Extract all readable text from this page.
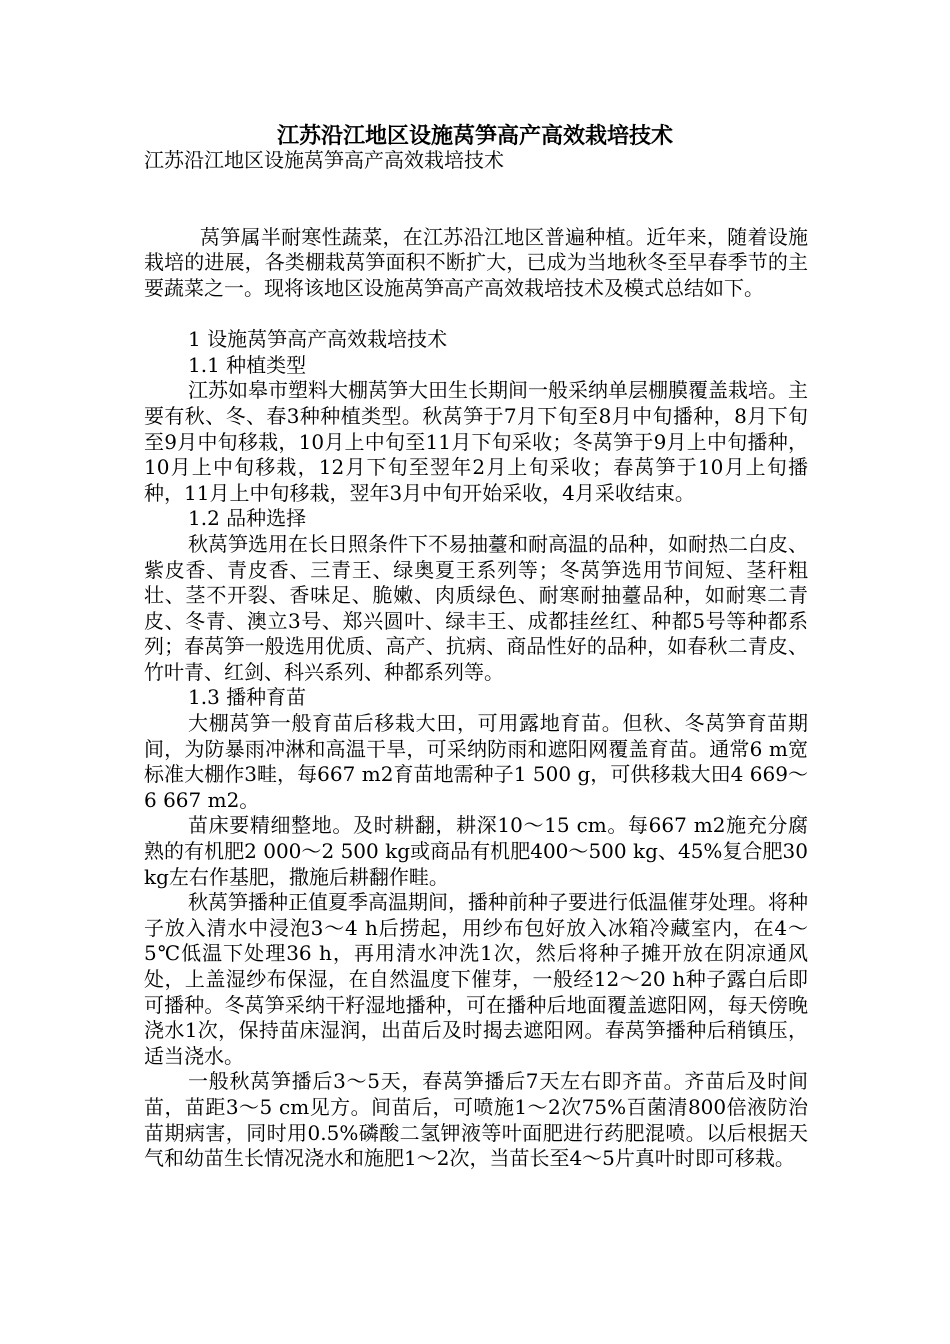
江苏沿江地区设施莴笋高产高效栽培技术

江苏沿江地区设施莴笋高产高效栽培技术

莴笋属半耐寒性蔬菜，在江苏沿江地区普遍种植。近年来，随着设施栽培的进展，各类棚栽莴笋面积不断扩大，已成为当地秋冬至早春季节的主要蔬菜之一。现将该地区设施莴笋高产高效栽培技术及模式总结如下。

1 设施莴笋高产高效栽培技术

1.1 种植类型

江苏如皋市塑料大棚莴笋大田生长期间一般采纳单层棚膜覆盖栽培。主要有秋、冬、春3种种植类型。秋莴笋于7月下旬至8月中旬播种，8月下旬至9月中旬移栽，10月上中旬至11月下旬采收；冬莴笋于9月上中旬播种，10月上中旬移栽，12月下旬至翌年2月上旬采收；春莴笋于10月上旬播种，11月上中旬移栽，翌年3月中旬开始采收，4月采收结束。

1.2 品种选择

秋莴笋选用在长日照条件下不易抽薹和耐高温的品种，如耐热二白皮、紫皮香、青皮香、三青王、绿奥夏王系列等；冬莴笋选用节间短、茎秆粗壮、茎不开裂、香味足、脆嫩、肉质绿色、耐寒耐抽薹品种，如耐寒二青皮、冬青、澳立3号、郑兴圆叶、绿丰王、成都挂丝红、种都5号等种都系列；春莴笋一般选用优质、高产、抗病、商品性好的品种，如春秋二青皮、竹叶青、红剑、科兴系列、种都系列等。

1.3 播种育苗

大棚莴笋一般育苗后移栽大田，可用露地育苗。但秋、冬莴笋育苗期间，为防暴雨冲淋和高温干旱，可采纳防雨和遮阳网覆盖育苗。通常6 m宽标准大棚作3畦，每667 m2育苗地需种子1 500 g，可供移栽大田4 669～6 667 m2。

苗床要精细整地。及时耕翻，耕深10～15 cm。每667 m2施充分腐熟的有机肥2 000～2 500 kg或商品有机肥400～500 kg、45%复合肥30 kg左右作基肥，撒施后耕翻作畦。

秋莴笋播种正值夏季高温期间，播种前种子要进行低温催芽处理。将种子放入清水中浸泡3～4 h后捞起，用纱布包好放入冰箱冷藏室内，在4～5℃低温下处理36 h，再用清水冲洗1次，然后将种子摊开放在阴凉通风处，上盖湿纱布保湿，在自然温度下催芽，一般经12～20 h种子露白后即可播种。冬莴笋采纳干籽湿地播种，可在播种后地面覆盖遮阳网，每天傍晚浇水1次，保持苗床湿润，出苗后及时揭去遮阳网。春莴笋播种后稍镇压，适当浇水。

一般秋莴笋播后3～5天，春莴笋播后7天左右即齐苗。齐苗后及时间苗，苗距3～5 cm见方。间苗后，可喷施1～2次75%百菌清800倍液防治苗期病害，同时用0.5%磷酸二氢钾液等叶面肥进行药肥混喷。以后根据天气和幼苗生长情况浇水和施肥1～2次，当苗长至4～5片真叶时即可移栽。
